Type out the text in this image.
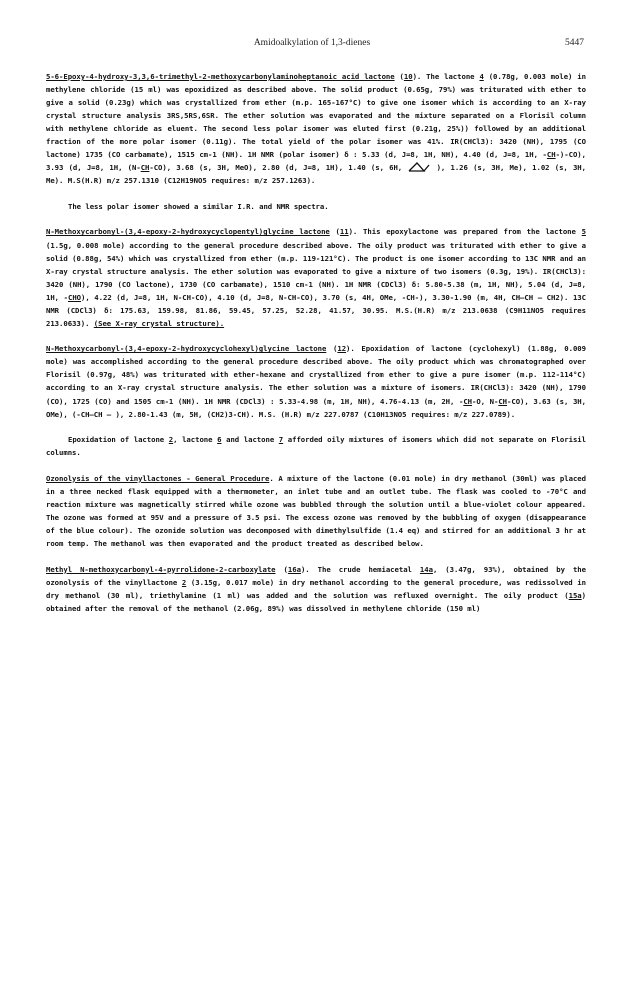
Amidoalkylation of 1,3-dienes	5447

5-6-Epoxy-4-hydroxy-3,3,6-trimethyl-2-methoxycarbonylaminoheptanoic acid lactone (10). The lactone 4 (0.78g, 0.003 mole) in methylene chloride (15 ml) was epoxidized as described above. The solid product (0.65g, 79%) was triturated with ether to give a solid (0.23g) which was crystallized from ether (m.p. 165-167°C) to give one isomer which is according to an X-ray crystal structure analysis 3RS,5RS,6SR. The ether solution was evaporated and the mixture separated on a Florisil column with methylene chloride as eluent. The second less polar isomer was eluted first (0.21g, 25%)) followed by an additional fraction of the more polar isomer (0.11g). The total yield of the polar isomer was 41%. IR(CHCl3): 3420 (NH), 1795 (CO lactone) 1735 (CO carbamate), 1515 cm-1 (NH). 1H NMR (polar isomer) δ : 5.33 (d, J=8, 1H, NH), 4.40 (d, J=8, 1H, -CH-)-CO), 3.93 (d, J=8, 1H, (N-CH-CO), 3.68 (s, 3H, MeO), 2.80 (d, J=8, 1H), 1.40 (s, 6H,	), 1.26 (s, 3H, Me), 1.02 (s, 3H, Me). M.S(H.R) m/z 257.1310 (C12H19NO5 requires: m/z 257.1263).

The less polar isomer showed a similar I.R. and NMR spectra.

N-Methoxycarbonyl-(3,4-epoxy-2-hydroxycyclopentyl)glycine lactone (11). This epoxylactone was prepared from the lactone 5 (1.5g, 0.008 mole) according to the general procedure described above. The oily product was triturated with ether to give a solid (0.88g, 54%) which was crystallized from ether (m.p. 119-121°C). The product is one isomer according to 13C NMR and an X-ray crystal structure analysis. The ether solution was evaporated to give a mixture of two isomers (0.3g, 19%). IR(CHCl3): 3420 (NH), 1790 (CO lactone), 1730 (CO carbamate), 1510 cm-1 (NH). 1H NMR (CDCl3) δ: 5.80-5.38 (m, 1H, NH), 5.04 (d, J=8, 1H, -CHO), 4.22 (d, J=8, 1H, N-CH-CO), 4.10 (d, J=8, N-CH-CO), 3.70 (s, 4H, OMe, -CH-), 3.30-1.90 (m, 4H, CH—CH — CH2). 13C NMR (CDCl3) δ: 175.63, 159.98, 81.86, 59.45, 57.25, 52.28, 41.57, 30.95. M.S.(H.R) m/z 213.0638 (C9H11NO5 requires 213.0633). (See X-ray crystal structure).

N-Methoxycarbonyl-(3,4-epoxy-2-hydroxycyclohexyl)glycine lactone (12). Epoxidation of lactone (cyclohexyl) (1.88g, 0.009 mole) was accomplished according to the general procedure described above. The oily product which was chromatographed over Florisil (0.97g, 48%) was triturated with ether-hexane and crystallized from ether to give a pure isomer (m.p. 112-114°C) according to an X-ray crystal structure analysis. The ether solution was a mixture of isomers. IR(CHCl3): 3420 (NH), 1790 (CO), 1725 (CO) and 1505 cm-1 (NH). 1H NMR (CDCl3) : 5.33-4.98 (m, 1H, NH), 4.76-4.13 (m, 2H, -CH-O, N-CH-CO), 3.63 (s, 3H, OMe), (-CH—CH — ), 2.80-1.43 (m, 5H, (CH2)3-CH). M.S. (H.R) m/z 227.0787 (C10H13NO5 requires: m/z 227.0789).

Epoxidation of lactone 2, lactone 6 and lactone 7 afforded oily mixtures of isomers which did not separate on Florisil columns.

Ozonolysis of the vinyllactones - General Procedure. A mixture of the lactone (0.01 mole) in dry methanol (30ml) was placed in a three necked flask equipped with a thermometer, an inlet tube and an outlet tube. The flask was cooled to -70°C and reaction mixture was magnetically stirred while ozone was bubbled through the solution until a blue-violet colour appeared. The ozone was formed at 95V and a pressure of 3.5 psi. The excess ozone was removed by the bubbling of oxygen (disappearance of the blue colour). The ozonide solution was decomposed with dimethylsulfide (1.4 eq) and stirred for an additional 3 hr at room temp. The methanol was then evaporated and the product treated as described below.

Methyl N-methoxycarbonyl-4-pyrrolidone-2-carboxylate (16a). The crude hemiacetal 14a, (3.47g, 93%), obtained by the ozonolysis of the vinyllactone 2 (3.15g, 0.017 mole) in dry methanol according to the general procedure, was redissolved in dry methanol (30 ml), triethylamine (1 ml) was added and the solution was refluxed overnight. The oily product (15a) obtained after the removal of the methanol (2.06g, 89%) was dissolved in methylene chloride (150 ml)
